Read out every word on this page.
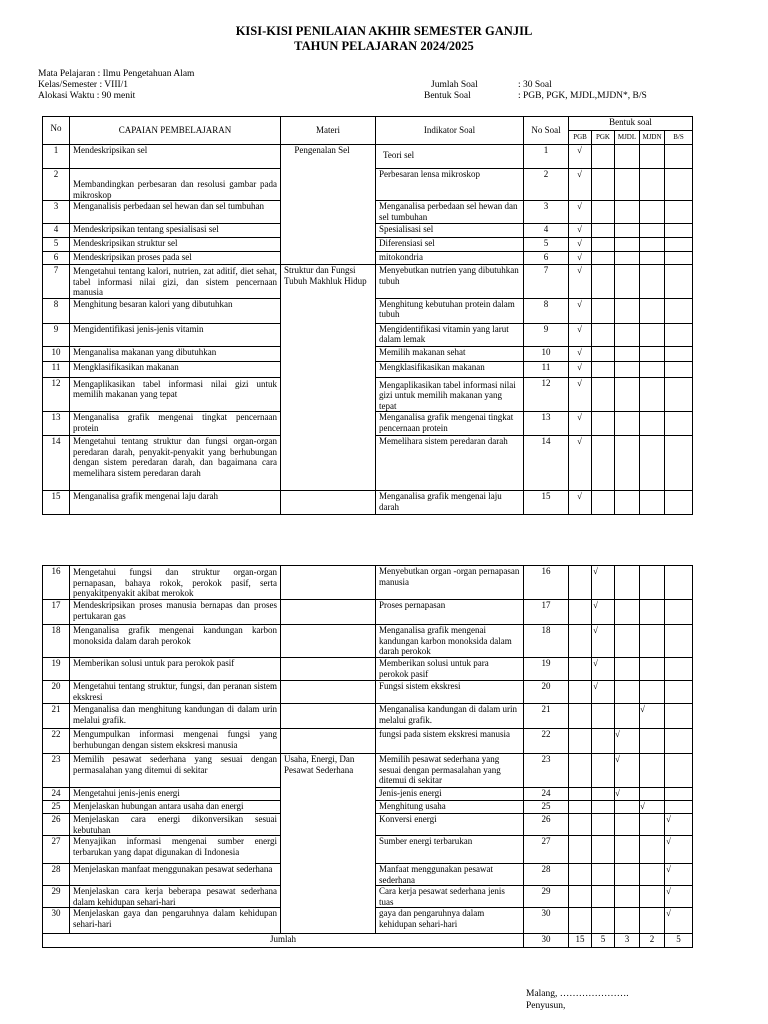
KISI-KISI PENILAIAN AKHIR SEMESTER GANJIL
TAHUN PELAJARAN 2024/2025
Mata Pelajaran : Ilmu Pengetahuan Alam
Kelas/Semester : VIII/1
Alokasi Waktu : 90 menit
Jumlah Soal	: 30 Soal
Bentuk Soal	: PGB, PGK, MJDL,MJDN*, B/S
No	CAPAIAN PEMBELAJARAN	Materi	Indikator Soal	No Soal	Bentuk soal				
					PGB	PGK	MJDL	MJDN	B/S
1	Mendeskripsikan sel	Pengenalan Sel	Teori sel	1	√				

2	Membandingkan perbesaran dan resolusi gambar pada mikroskop		Perbesaran lensa mikroskop	2	√				

3	Menganalisis perbedaan sel hewan dan sel tumbuhan		Menganalisa perbedaan sel hewan dan sel tumbuhan	3	√				

4	Mendeskripsikan tentang spesialisasi sel		Spesialisasi sel	4	√				

5	Mendeskripsikan struktur sel		Diferensiasi sel	5	√				

6	Mendeskripsikan proses pada sel		mitokondria	6	√				

7	Mengetahui tentang kalori, nutrien, zat aditif, diet sehat, tabel informasi nilai gizi, dan sistem pencernaan manusia	Struktur dan Fungsi Tubuh Makhluk Hidup	Menyebutkan nutrien yang dibutuhkan tubuh	7	√				

8	Menghitung besaran kalori yang dibutuhkan		Menghitung kebutuhan protein dalam tubuh	8	√				

9	Mengidentifikasi jenis-jenis vitamin		Mengidentifikasi vitamin yang larut dalam lemak	9	√				

10	Menganalisa makanan yang dibutuhkan		Memilih makanan sehat	10	√				

11	Mengklasifikasikan makanan		Mengklasifikasikan makanan	11	√				

12	Mengaplikasikan tabel informasi nilai gizi untuk memilih makanan yang tepat		Mengaplikasikan tabel informasi nilai gizi untuk memilih makanan yang tepat	12	√				

13	Menganalisa grafik mengenai tingkat pencernaan protein		Menganalisa grafik mengenai tingkat pencernaan protein	13	√				

14	Mengetahui tentang struktur dan fungsi organ-organ peredaran darah, penyakit-penyakit yang berhubungan dengan sistem peredaran darah, dan bagaimana cara memelihara sistem peredaran darah		Memelihara sistem peredaran darah	14	√				

15	Menganalisa grafik mengenai laju darah		Menganalisa grafik mengenai laju darah	15	√				

16	Mengetahui fungsi dan struktur organ-organ pernapasan, bahaya rokok, perokok pasif, serta penyakitpenyakit akibat merokok		Menyebutkan organ -organ pernapasan manusia	16		√			

17	Mendeskripsikan proses manusia bernapas dan proses pertukaran gas		Proses pernapasan	17		√			

18	Menganalisa grafik mengenai kandungan karbon monoksida dalam darah perokok		Menganalisa grafik mengenai kandungan karbon monoksida dalam darah perokok	18		√			

19	Memberikan solusi untuk para perokok pasif		Memberikan solusi untuk para perokok pasif	19		√			

20	Mengetahui tentang struktur, fungsi, dan peranan sistem ekskresi		Fungsi sistem ekskresi	20		√			

21	Menganalisa dan menghitung kandungan di dalam urin melalui grafik.		Menganalisa kandungan di dalam urin melalui grafik.	21				√	

22	Mengumpulkan informasi mengenai fungsi yang berhubungan dengan sistem ekskresi manusia		fungsi pada sistem ekskresi manusia	22			√		

23	Memilih pesawat sederhana yang sesuai dengan permasalahan yang ditemui di sekitar	Usaha, Energi, Dan Pesawat Sederhana	Memilih pesawat sederhana yang sesuai dengan permasalahan yang ditemui di sekitar	23			√		

24	Mengetahui jenis-jenis energi		Jenis-jenis energi	24			√		

25	Menjelaskan hubungan antara usaha dan energi		Menghitung usaha	25				√	

26	Menjelaskan cara energi dikonversikan sesuai kebutuhan		Konversi energi	26					√

27	Menyajikan informasi mengenai sumber energi terbarukan yang dapat digunakan di Indonesia		Sumber energi terbarukan	27					√

28	Menjelaskan manfaat menggunakan pesawat sederhana		Manfaat menggunakan pesawat sederhana	28					√

29	Menjelaskan cara kerja beberapa pesawat sederhana dalam kehidupan sehari-hari		Cara kerja pesawat sederhana jenis tuas	29					√

30	Menjelaskan gaya dan pengaruhnya dalam kehidupan sehari-hari		gaya dan pengaruhnya dalam kehidupan sehari-hari	30					√

Jumlah				30	15	5	3	2	5
Malang, ………………….
Penyusun,
